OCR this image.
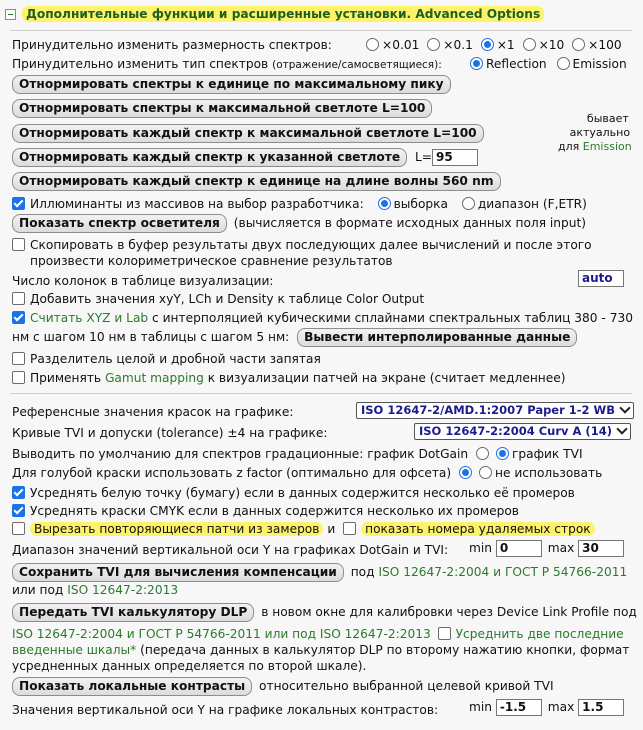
Дополнительные функции и расширенные установки. Advanced Options
Принудительно изменить размерность спектров:	×0.01 ×0.1 ×1 ×10 ×100
Принудительно изменить тип спектров (отражение/самосветящиеся):	Reflection Emission
Отнормировать спектры к единице по максимальному пику
Отнормировать спектры к максимальной светлоте L=100
Отнормировать каждый спектр к максимальной светлоте L=100
Отнормировать каждый спектр к указанной светлоте L= 95
Отнормировать каждый спектр к единице на длине волны 560 nm
бывает
актуально
для Emission
Иллюминанты из массивов на выбор разработчика: выборка диапазон (F,ETR)
Показать спектр осветителя (вычисляется в формате исходных данных поля input)
Скопировать в буфер результаты двух последующих далее вычислений и после этого
произвести колориметрическое сравнение результатов
Число колонок в таблице визуализации:	auto
Добавить значения xyY, LCh и Density к таблице Color Output
Считать XYZ и Lab с интерполяцией кубическими сплайнами спектральных таблиц 380 - 730
нм с шагом 10 нм в таблицы с шагом 5 нм: Вывести интерполированные данные
Разделитель целой и дробной части запятая
Применять Gamut mapping к визуализации патчей на экране (считает медленнее)
Референсные значения красок на графике:	ISO 12647-2/AMD.1:2007 Paper 1-2 WB
Кривые TVI и допуски (tolerance) ±4 на графике:	ISO 12647-2:2004 Curv A (14)
Выводить по умолчанию для спектров градационные: график DotGain	график TVI
Для голубой краски использовать z factor (оптимально для офсета)	не использовать
Усреднять белую точку (бумагу) если в данных содержится несколько её промеров
Усреднять краски CMYK если в данных содержится несколько их промеров
Вырезать повторяющиеся патчи из замеров и показать номера удаляемых строк
Диапазон значений вертикальной оси Y на графиках DotGain и TVI: min 0	max 30
Сохранить TVI для вычисления компенсации под ISO 12647-2:2004 и ГОСТ Р 54766-2011
или под ISO 12647-2:2013
Передать TVI калькулятору DLP в новом окне для калибровки через Device Link Profile под
ISO 12647-2:2004 и ГОСТ Р 54766-2011 или под ISO 12647-2:2013 Усреднить две последние
введенные шкалы* (передача данных в калькулятор DLP по второму нажатию кнопки, формат
усредненных данных определяется по второй шкале).
Показать локальные контрасты относительно выбранной целевой кривой TVI
Значения вертикальной оси Y на графике локальных контрастов:	min -1.5 max 1.5
